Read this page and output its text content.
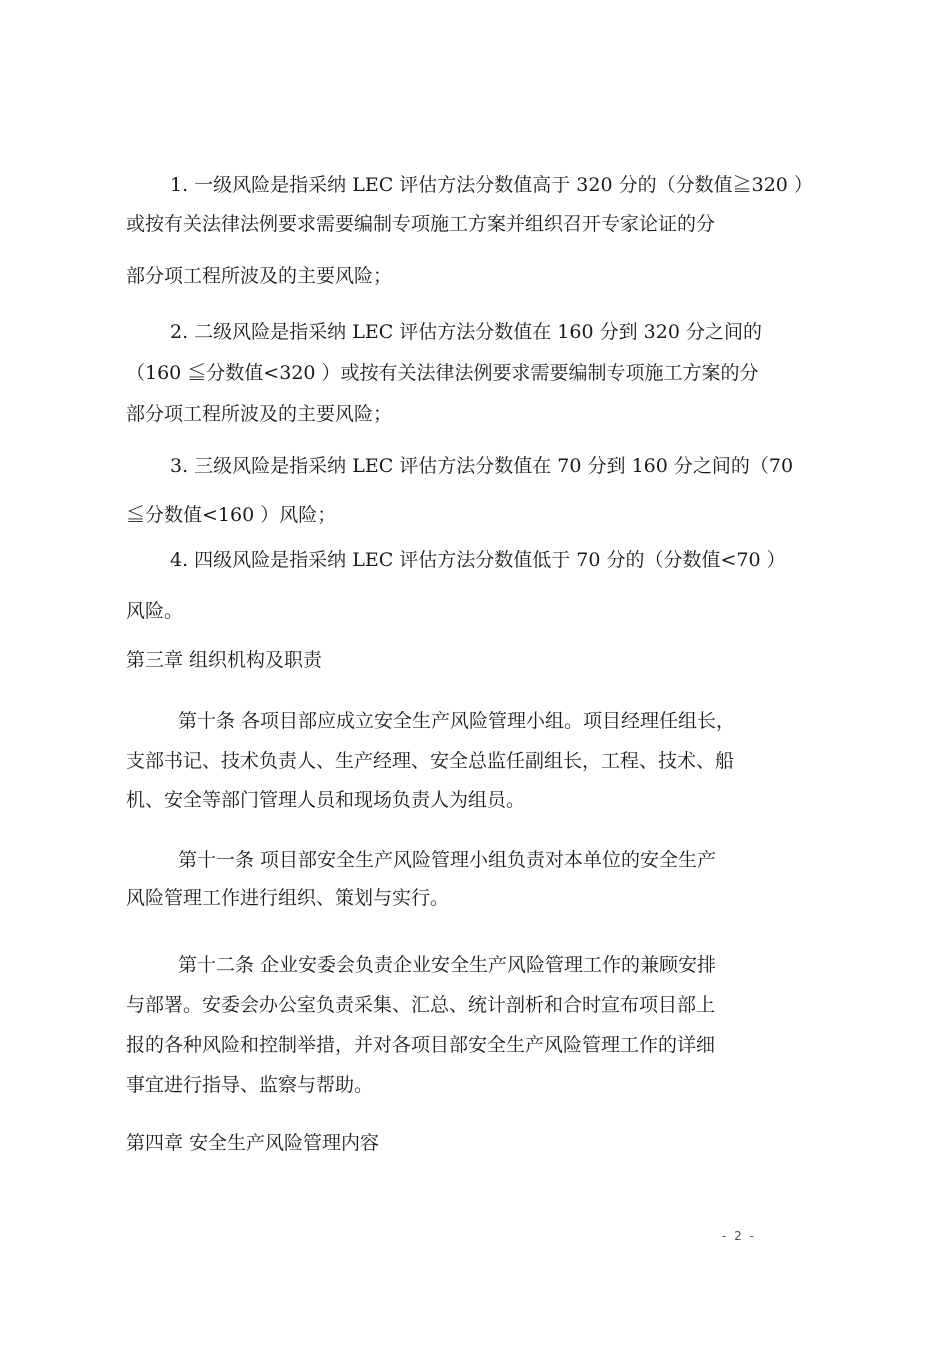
1. 一级风险是指采纳 LEC 评估方法分数值高于 320 分的（分数值≧320 ）
或按有关法律法例要求需要编制专项施工方案并组织召开专家论证的分
部分项工程所波及的主要风险；
2. 二级风险是指采纳 LEC 评估方法分数值在 160 分到 320 分之间的
（160 ≦分数值<320 ）或按有关法律法例要求需要编制专项施工方案的分
部分项工程所波及的主要风险；
3. 三级风险是指采纳 LEC 评估方法分数值在 70 分到 160 分之间的（70
≦分数值<160 ）风险；
4. 四级风险是指采纳 LEC 评估方法分数值低于 70 分的（分数值<70 ）
风险。
第三章 组织机构及职责
第十条 各项目部应成立安全生产风险管理小组。项目经理任组长，
支部书记、技术负责人、生产经理、安全总监任副组长，工程、技术、船
机、安全等部门管理人员和现场负责人为组员。
第十一条 项目部安全生产风险管理小组负责对本单位的安全生产
风险管理工作进行组织、策划与实行。
第十二条 企业安委会负责企业安全生产风险管理工作的兼顾安排
与部署。安委会办公室负责采集、汇总、统计剖析和合时宣布项目部上
报的各种风险和控制举措，并对各项目部安全生产风险管理工作的详细
事宜进行指导、监察与帮助。
第四章 安全生产风险管理内容
- 2 -
